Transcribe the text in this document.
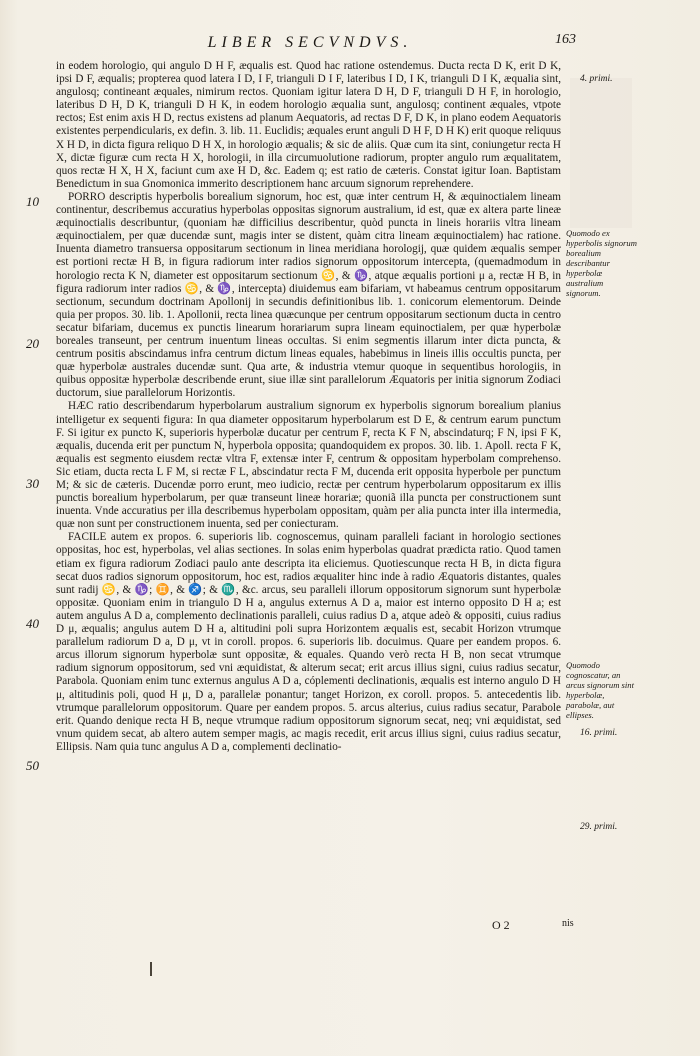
LIBER SECVNDVS.	163

in eodem horologio, qui angulo D H F, æqualis est. Quod hac ratione ostendemus. Ducta recta D K, erit D K, ipsi D F, æqualis; propterea quod latera I D, I F, trianguli D I F, lateribus I D, I K, trianguli D I K, æqualia sint, angulosq; contineant æquales, nimirum rectos. Quoniam igitur latera D H, D F, trianguli D H F, in horologio, lateribus D H, D K, trianguli D H K, in eodem horologio æqualia sunt, angulosq; continent æquales, vtpote rectos; Est enim axis H D, rectus existens ad planum Aequatoris, ad rectas D F, D K, in plano eodem Aequatoris existentes perpendicularis, ex defin. 3. lib. 11. Euclidis; æquales erunt anguli D H F, D H K) erit quoque reliquus X H D, in dicta figura reliquo D H X, in horologio æqualis; & sic de aliis. Quæ cum ita sint, coniungetur recta H X, dictæ figuræ cum recta H X, horologii, in illa circumuolutione radiorum, propter angulo rum æqualitatem, quos rectæ H X, H X, faciunt cum axe H D, &c. Eadem q; est ratio de cæteris. Constat igitur Ioan. Baptistam Benedictum in sua Gnomonica immerito descriptionem hanc arcuum signorum reprehendere.

PORRO descriptis hyperbolis borealium signorum, hoc est, quæ inter centrum H, & æquinoctialem lineam continentur, describemus accuratius hyperbolas oppositas signorum australium, id est, quæ ex altera parte lineæ æquinoctialis describuntur, (quoniam hæ difficilius describentur, quòd puncta in lineis horariis vltra lineam æquinoctialem, per quæ ducendæ sunt, magis inter se distent, quàm citra lineam æquinoctialem) hac ratione. Inuenta diametro transuersa oppositarum sectionum in linea meridiana horologij, quæ quidem æqualis semper est portioni rectæ H B, in figura radiorum inter radios signorum oppositorum intercepta, (quemadmodum in horologio recta K N, diameter est oppositarum sectionum ♋, & ♑, atque æqualis portioni μ a, rectæ H B, in figura radiorum inter radios ♋, & ♑, intercepta) diuidemus eam bifariam, vt habeamus centrum oppositarum sectionum, secundum doctrinam Apollonij in secundis definitionibus lib. 1. conicorum elementorum. Deinde quia per propos. 30. lib. 1. Apollonii, recta linea quæcunque per centrum oppositarum sectionum ducta in centro secatur bifariam, ducemus ex punctis linearum horariarum supra lineam equinoctialem, per quæ hyperbolæ boreales transeunt, per centrum inuentum lineas occultas. Si enim segmentis illarum inter dicta puncta, & centrum positis abscindamus infra centrum dictum lineas equales, habebimus in lineis illis occultis puncta, per quæ hyperbolæ australes ducendæ sunt. Qua arte, & industria vtemur quoque in sequentibus horologiis, in quibus oppositæ hyperbolæ describende erunt, siue illæ sint parallelorum Æquatoris per initia signorum Zodiaci ductorum, siue parallelorum Horizontis.

HÆC ratio describendarum hyperbolarum australium signorum ex hyperbolis signorum borealium planius intelligetur ex sequenti figura: In qua diameter oppositarum hyperbolarum est D E, & centrum earum punctum F. Si igitur ex puncto K, superioris hyperbolæ ducatur per centrum F, recta K F N, abscindaturq; F N, ipsi F K, æqualis, ducenda erit per punctum N, hyperbola opposita; quandoquidem ex propos. 30. lib. 1. Apoll. recta F K, æqualis est segmento eiusdem rectæ vltra F, extensæ inter F, centrum & oppositam hyperbolam comprehenso. Sic etiam, ducta recta L F M, si rectæ F L, abscindatur recta F M, ducenda erit opposita hyperbole per punctum M; & sic de cæteris. Ducendæ porro erunt, meo iudicio, rectæ per centrum hyperbolarum oppositarum ex illis punctis borealium hyperbolarum, per quæ transeunt lineæ horariæ; quoniã illa puncta per constructionem sunt inuenta. Vnde accuratius per illa describemus hyperbolam oppositam, quàm per alia puncta inter illa intermedia, quæ non sunt per constructionem inuenta, sed per coniecturam.

FACILE autem ex propos. 6. superioris lib. cognoscemus, quinam paralleli faciant in horologio sectiones oppositas, hoc est, hyperbolas, vel alias sectiones. In solas enim hyperbolas quadrat prædicta ratio. Quod tamen etiam ex figura radiorum Zodiaci paulo ante descripta ita eliciemus. Quotiescunque recta H B, in dicta figura secat duos radios signorum oppositorum, hoc est, radios æqualiter hinc inde à radio Æquatoris distantes, quales sunt radij ♋, & ♑; ♊, & ♐; & ♏, &c. arcus, seu paralleli illorum oppositorum signorum sunt hyperbolæ oppositæ. Quoniam enim in triangulo D H a, angulus externus A D a, maior est interno opposito D H a; est autem angulus A D a, complemento declinationis paralleli, cuius radius D a, atque adeò & oppositi, cuius radius D μ, æqualis; angulus autem D H a, altitudini poli supra Horizontem æqualis est, secabit Horizon vtrumque parallelum radiorum D a, D μ, vt in coroll. propos. 6. superioris lib. docuimus. Quare per eandem propos. 6. arcus illorum signorum hyperbolæ sunt oppositæ, & equales. Quando verò recta H B, non secat vtrumque radium signorum oppositorum, sed vni æquidistat, & alterum secat; erit arcus illius signi, cuius radius secatur, Parabola. Quoniam enim tunc externus angulus A D a, cóplementi declinationis, æqualis est interno angulo D H μ, altitudinis poli, quod H μ, D a, parallelæ ponantur; tanget Horizon, ex coroll. propos. 5. antecedentis lib. vtrumque parallelorum oppositorum. Quare per eandem propos. 5. arcus alterius, cuius radius secatur, Parabole erit. Quando denique recta H B, neque vtrumque radium oppositorum signorum secat, neq; vni æquidistat, sed vnum quidem secat, ab altero autem semper magis, ac magis recedit, erit arcus illius signi, cuius radius secatur, Ellipsis. Nam quia tunc angulus A D a, complementi declinatio-

10
20
30
40
50
4. primi.
Quomodo ex hyperbolis signorum borealium describantur hyperbolæ australium signorum.
Quomodo cognoscatur, an arcus signorum sint hyperbolæ, parabolæ, aut ellipses.
16. primi.
29. primi.
O 2	nis
